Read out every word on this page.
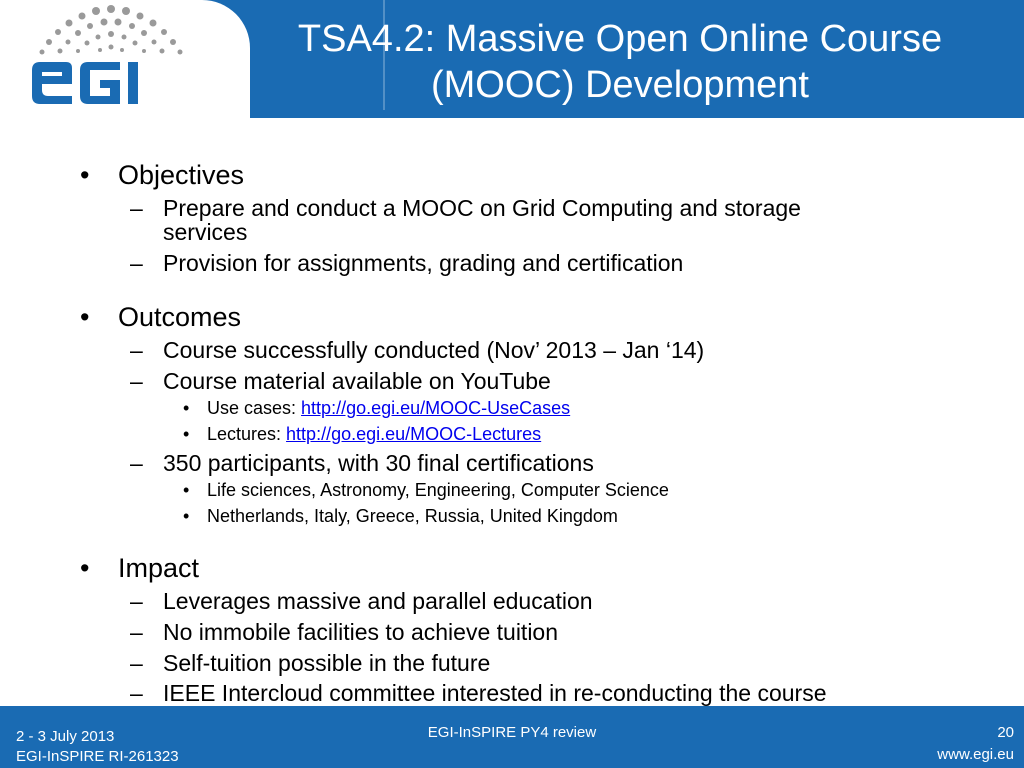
TSA4.2: Massive Open Online Course
(MOOC) Development
• Objectives
– Prepare and conduct a MOOC on Grid Computing and storage services
– Provision for assignments, grading and certification
• Outcomes
– Course successfully conducted (Nov’ 2013 – Jan ‘14)
– Course material available on YouTube
• Use cases: http://go.egi.eu/MOOC-UseCases
• Lectures: http://go.egi.eu/MOOC-Lectures
– 350 participants, with 30 final certifications
• Life sciences, Astronomy, Engineering, Computer Science
• Netherlands, Italy, Greece, Russia, United Kingdom
• Impact
– Leverages massive and parallel education
– No immobile facilities to achieve tuition
– Self-tuition possible in the future
– IEEE Intercloud committee interested in re-conducting the course
2 - 3 July 2013
EGI-InSPIRE RI-261323
EGI-InSPIRE PY4 review	20
www.egi.eu
